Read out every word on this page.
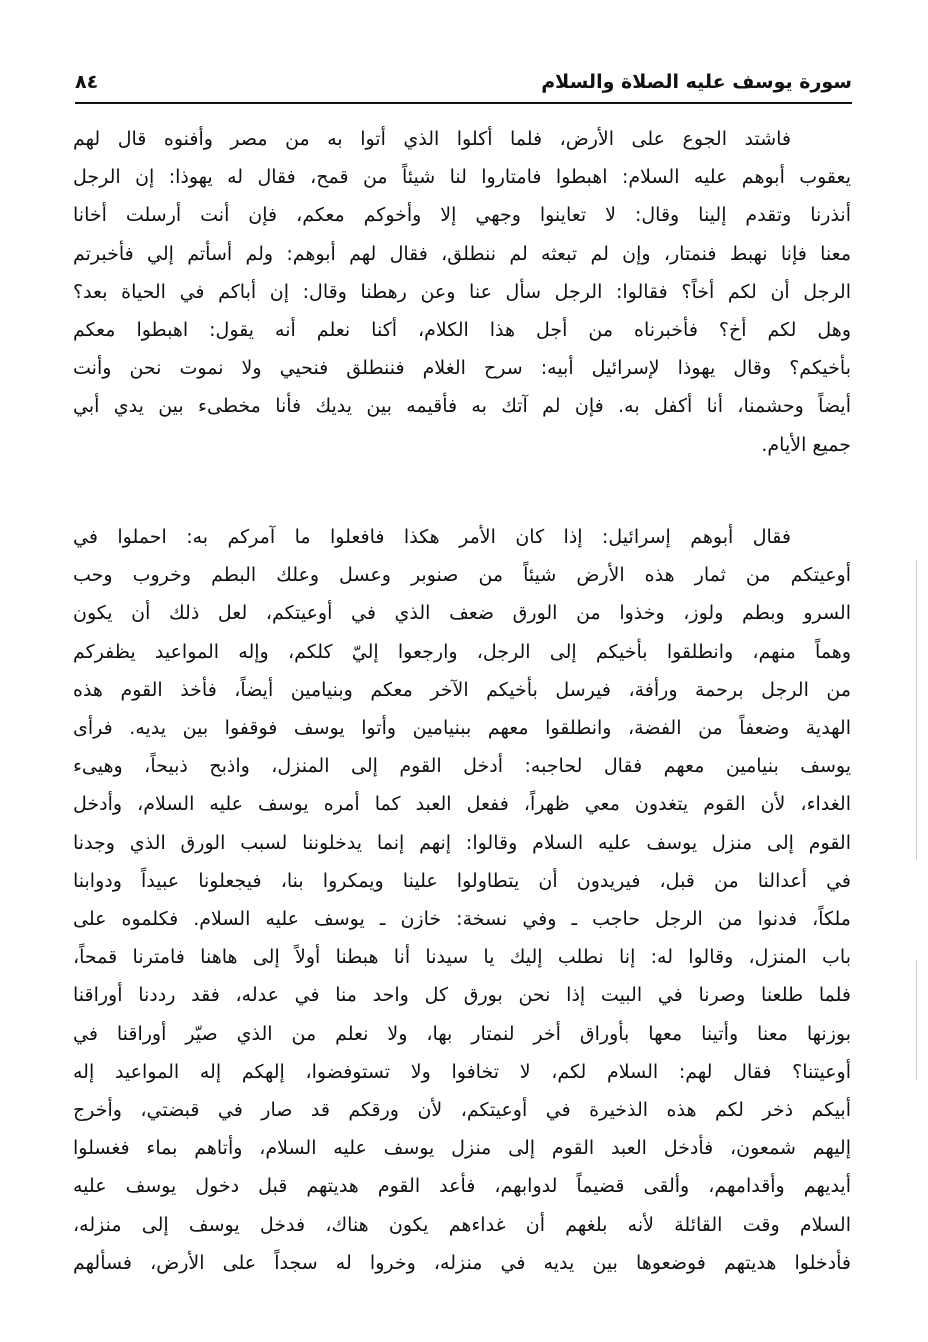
سورة يوسف عليه الصلاة والسلام
٨٤
فاشتد الجوع على الأرض، فلما أكلوا الذي أتوا به من مصر وأفنوه قال لهم
يعقوب أبوهم عليه السلام: اهبطوا فامتاروا لنا شيئاً من قمح، فقال له يهوذا: إن الرجل
أنذرنا وتقدم إلينا وقال: لا تعاينوا وجهي إلا وأخوكم معكم، فإن أنت أرسلت أخانا
معنا فإنا نهبط فنمتار، وإن لم تبعثه لم ننطلق، فقال لهم أبوهم: ولم أسأتم إلي فأخبرتم
الرجل أن لكم أخاً؟ فقالوا: الرجل سأل عنا وعن رهطنا وقال: إن أباكم في الحياة بعد؟
وهل لكم أخ؟ فأخبرناه من أجل هذا الكلام، أكنا نعلم أنه يقول: اهبطوا معكم
بأخيكم؟ وقال يهوذا لإسرائيل أبيه: سرح الغلام فننطلق فنحيي ولا نموت نحن وأنت
أيضاً وحشمنا، أنا أكفل به. فإن لم آتك به فأقيمه بين يديك فأنا مخطىء بين يدي أبي
جميع الأيام.
فقال أبوهم إسرائيل: إذا كان الأمر هكذا فافعلوا ما آمركم به: احملوا في
أوعيتكم من ثمار هذه الأرض شيئاً من صنوبر وعسل وعلك البطم وخروب وحب
السرو وبطم ولوز، وخذوا من الورق ضعف الذي في أوعيتكم، لعل ذلك أن يكون
وهماً منهم، وانطلقوا بأخيكم إلى الرجل، وارجعوا إليّ كلكم، وإله المواعيد يظفركم
من الرجل برحمة ورأفة، فيرسل بأخيكم الآخر معكم وبنيامين أيضاً، فأخذ القوم هذه
الهدية وضعفاً من الفضة، وانطلقوا معهم ببنيامين وأتوا يوسف فوقفوا بين يديه. فرأى
يوسف بنيامين معهم فقال لحاجبه: أدخل القوم إلى المنزل، واذبح ذبيحاً، وهيىء
الغداء، لأن القوم يتغدون معي ظهراً، ففعل العبد كما أمره يوسف عليه السلام، وأدخل
القوم إلى منزل يوسف عليه السلام وقالوا: إنهم إنما يدخلوننا لسبب الورق الذي وجدنا
في أعدالنا من قبل، فيريدون أن يتطاولوا علينا ويمكروا بنا، فيجعلونا عبيداً ودوابنا
ملكاً، فدنوا من الرجل حاجب ـ وفي نسخة: خازن ـ يوسف عليه السلام. فكلموه على
باب المنزل، وقالوا له: إنا نطلب إليك يا سيدنا أنا هبطنا أولاً إلى هاهنا فامترنا قمحاً،
فلما طلعنا وصرنا في البيت إذا نحن بورق كل واحد منا في عدله، فقد رددنا أوراقنا
بوزنها معنا وأتينا معها بأوراق أخر لنمتار بها، ولا نعلم من الذي صيّر أوراقنا في
أوعيتنا؟ فقال لهم: السلام لكم، لا تخافوا ولا تستوفضوا، إلهكم إله المواعيد إله
أبيكم ذخر لكم هذه الذخيرة في أوعيتكم، لأن ورقكم قد صار في قبضتي، وأخرج
إليهم شمعون، فأدخل العبد القوم إلى منزل يوسف عليه السلام، وأتاهم بماء فغسلوا
أيديهم وأقدامهم، وألقى قضيماً لدوابهم، فأعد القوم هديتهم قبل دخول يوسف عليه
السلام وقت القائلة لأنه بلغهم أن غداءهم يكون هناك، فدخل يوسف إلى منزله،
فأدخلوا هديتهم فوضعوها بين يديه في منزله، وخروا له سجداً على الأرض، فسألهم
